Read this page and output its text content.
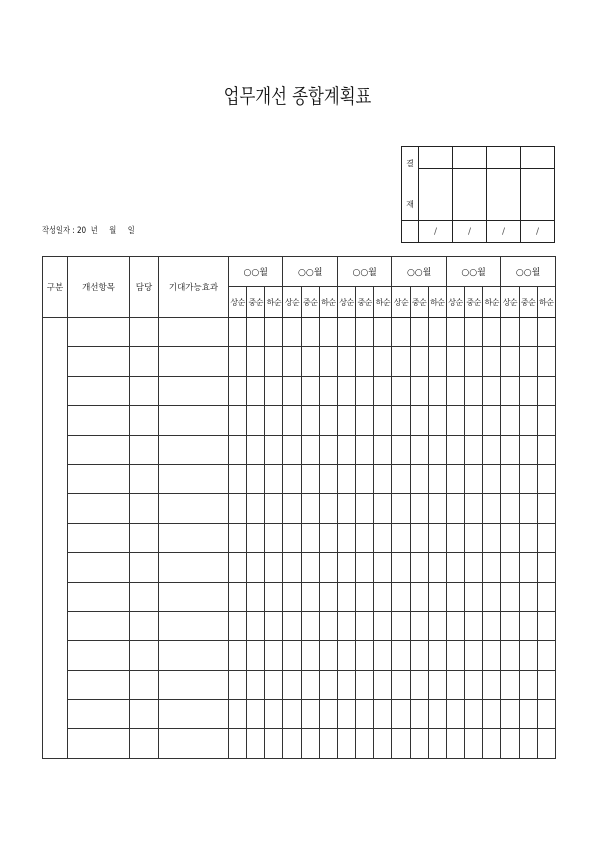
업무개선 종합계획표
결

재				

	/	/	/	/
작성일자 : 20 년 월 일
구분	개선항목	담당	기대가능효과	○○월			○○월			○○월			○○월			○○월			○○월		
				상순	중순	하순	상순	중순	하순	상순	중순	하순	상순	중순	하순	상순	중순	하순	상순	중순	하순
